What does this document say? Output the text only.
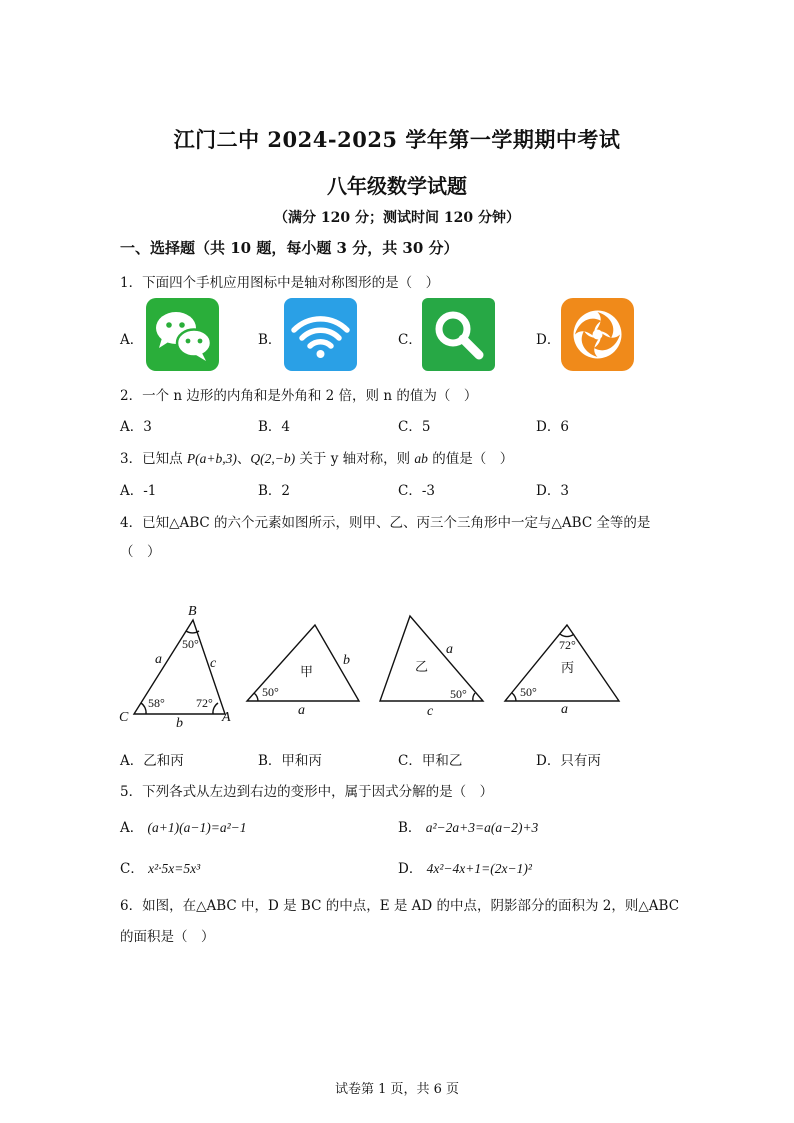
江门二中 2024-2025 学年第一学期期中考试
八年级数学试题
（满分 120 分；测试时间 120 分钟）
一、选择题（共 10 题，每小题 3 分，共 30 分）
1．下面四个手机应用图标中是轴对称图形的是（　）
A．	B．	C．	D．
2．一个 n 边形的内角和是外角和 2 倍，则 n 的值为（　）
A．3	B．4	C．5	D．6
3．已知点 P(a+b,3)、Q(2,−b) 关于 y 轴对称，则 ab 的值是（　）
A．-1	B．2	C．-3	D．3
4．已知△ABC 的六个元素如图所示，则甲、乙、丙三个三角形中一定与△ABC 全等的是
（　）
B
C	A
a	c
b
b
a
a
c	a
50°
58°	72°
50°	50°
72°
50°
甲	乙	丙
A．乙和丙	B．甲和丙	C．甲和乙	D．只有丙
5．下列各式从左边到右边的变形中，属于因式分解的是（　）
A． (a+1)(a−1)=a²−1	B． a²−2a+3=a(a−2)+3
C． x²·5x=5x³	D． 4x²−4x+1=(2x−1)²
6．如图，在△ABC 中，D 是 BC 的中点，E 是 AD 的中点，阴影部分的面积为 2，则△ABC
的面积是（　）
试卷第 1 页，共 6 页
